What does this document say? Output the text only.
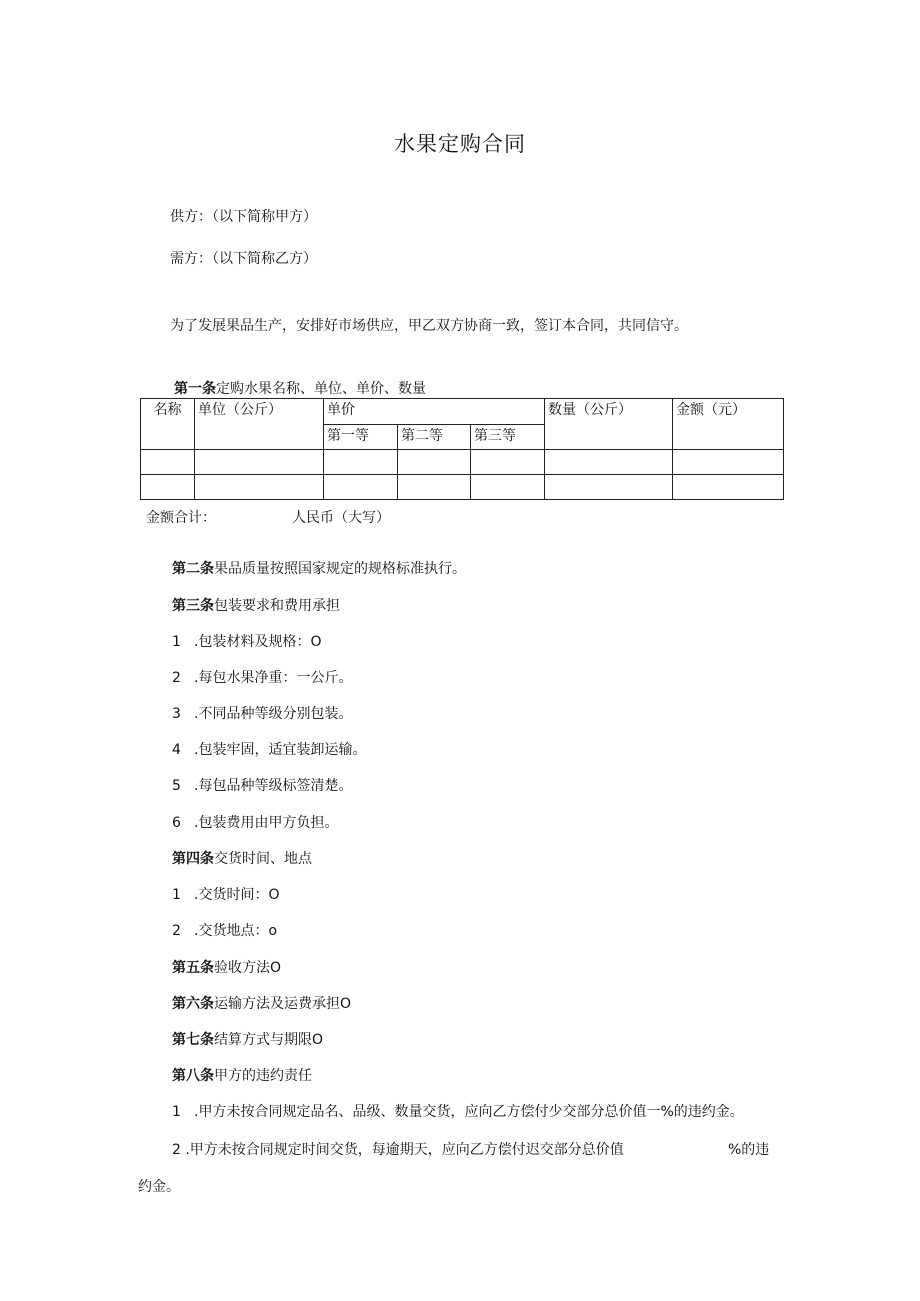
水果定购合同
供方：（以下简称甲方）
需方：（以下简称乙方）
为了发展果品生产，安排好市场供应，甲乙双方协商一致，签订本合同，共同信守。
第一条定购水果名称、单位、单价、数量
名称	单位（公斤）	单价			数量（公斤）	金额（元）
		第一等	第二等	第三等		

金额合计：	人民币（大写）
第二条果品质量按照国家规定的规格标准执行。
第三条包装要求和费用承担
1 .包装材料及规格：O
2 .每包水果净重：一公斤。
3 .不同品种等级分别包装。
4 .包装牢固，适宜装卸运输。
5 .每包品种等级标签清楚。
6 .包装费用由甲方负担。
第四条交货时间、地点
1 .交货时间：O
2 .交货地点：o
第五条验收方法O
第六条运输方法及运费承担O
第七条结算方式与期限O
第八条甲方的违约责任
1 .甲方未按合同规定品名、品级、数量交货，应向乙方偿付少交部分总价值一%的违约金。
2 .甲方未按合同规定时间交货，每逾期天，应向乙方偿付迟交部分总价值	%的违
约金。
